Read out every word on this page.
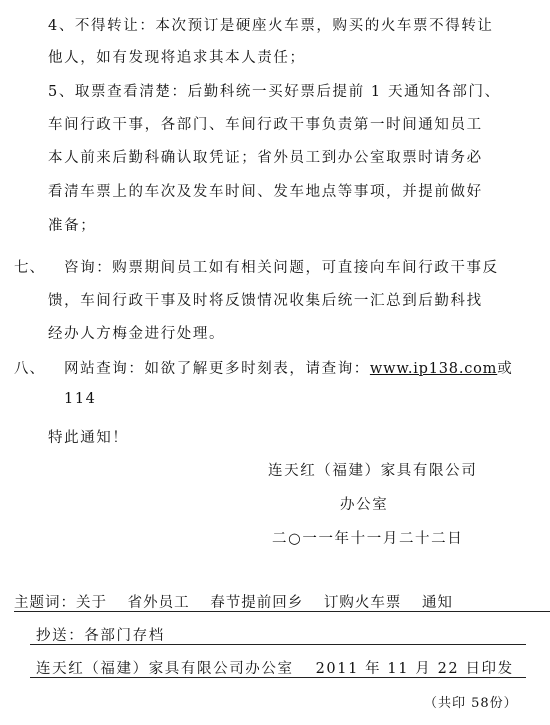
4、不得转让：本次预订是硬座火车票，购买的火车票不得转让
他人，如有发现将追求其本人责任；
5、取票查看清楚：后勤科统一买好票后提前 1 天通知各部门、
车间行政干事，各部门、车间行政干事负责第一时间通知员工
本人前来后勤科确认取凭证；省外员工到办公室取票时请务必
看清车票上的车次及发车时间、发车地点等事项，并提前做好
准备；
七、 咨询：购票期间员工如有相关问题，可直接向车间行政干事反
馈，车间行政干事及时将反馈情况收集后统一汇总到后勤科找
经办人方梅金进行处理。
八、 网站查询：如欲了解更多时刻表，请查询：www.ip138.com或
114
特此通知！
连天红（福建）家具有限公司
办公室
二○一一年十一月二十二日
主题词：关于 省外员工 春节提前回乡 订购火车票 通知
抄送：各部门存档
连天红（福建）家具有限公司办公室 2011 年 11 月 22 日印发
（共印 58份）
